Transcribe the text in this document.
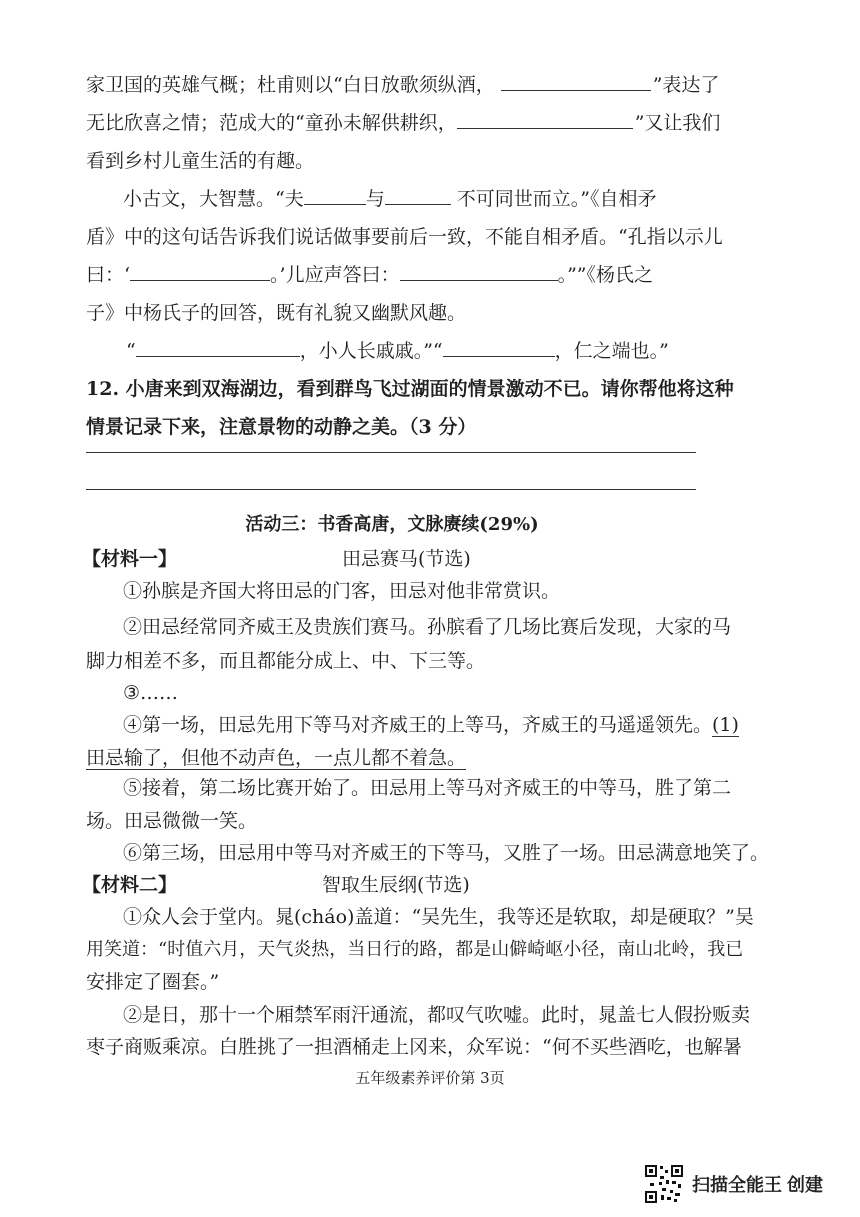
家卫国的英雄气概；杜甫则以“白日放歌须纵酒，	”表达了
无比欣喜之情；范成大的“童孙未解供耕织，	”又让我们
看到乡村儿童生活的有趣。
小古文，大智慧。“夫	与	不可同世而立。”《自相矛
盾》中的这句话告诉我们说话做事要前后一致，不能自相矛盾。“孔指以示儿
曰：‘	。’儿应声答曰：	。””《杨氏之
子》中杨氏子的回答，既有礼貌又幽默风趣。
“	，小人长戚戚。”“	，仁之端也。”
12. 小唐来到双海湖边，看到群鸟飞过湖面的情景激动不已。请你帮他将这种
情景记录下来，注意景物的动静之美。（3 分）
活动三：书香高唐，文脉赓续(29%)
【材料一】	田忌赛马(节选)
①孙膑是齐国大将田忌的门客，田忌对他非常赏识。
②田忌经常同齐威王及贵族们赛马。孙膑看了几场比赛后发现，大家的马
脚力相差不多，而且都能分成上、中、下三等。
③……
④第一场，田忌先用下等马对齐威王的上等马，齐威王的马遥遥领先。(1)
田忌输了，但他不动声色，一点儿都不着急。
⑤接着，第二场比赛开始了。田忌用上等马对齐威王的中等马，胜了第二
场。田忌微微一笑。
⑥第三场，田忌用中等马对齐威王的下等马，又胜了一场。田忌满意地笑了。
【材料二】	智取生辰纲(节选)
①众人会于堂内。晁(cháo)盖道：“吴先生，我等还是软取，却是硬取？”吴
用笑道：“时值六月，天气炎热，当日行的路，都是山僻崎岖小径，南山北岭，我已
安排定了圈套。”
②是日，那十一个厢禁军雨汗通流，都叹气吹嘘。此时，晁盖七人假扮贩卖
枣子商贩乘凉。白胜挑了一担酒桶走上冈来，众军说：“何不买些酒吃，也解暑
五年级素养评价第 3页
扫描全能王 创建
